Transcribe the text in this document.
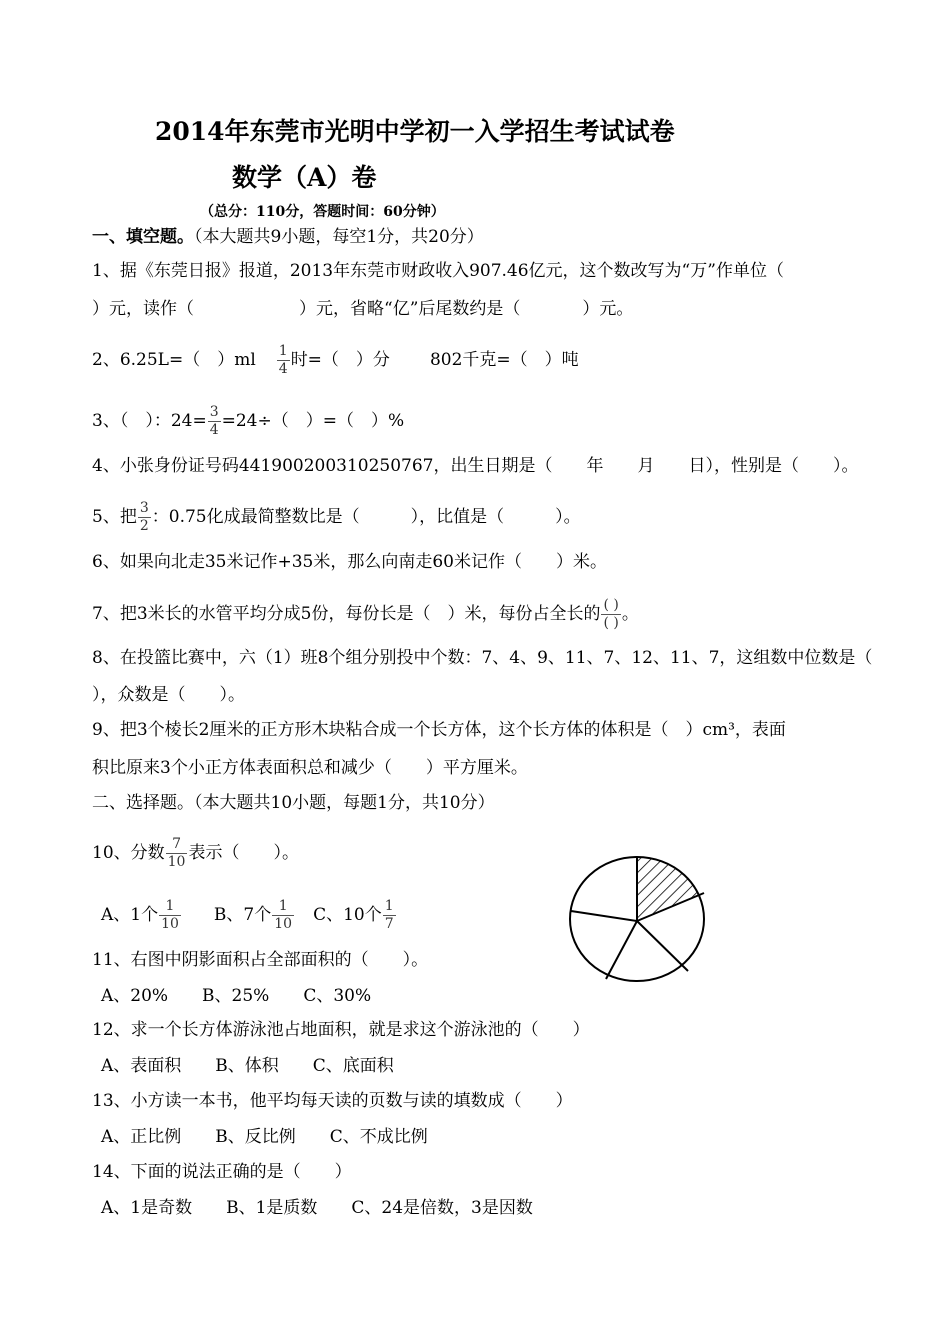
2014年东莞市光明中学初一入学招生考试试卷
数学（A）卷
（总分：110分，答题时间：60分钟）
一、填空题。（本大题共9小题，每空1分，共20分）
1、据《东莞日报》报道，2013年东莞市财政收入907.46亿元，这个数改写为“万”作单位（
）元，读作（	）元，省略“亿”后尾数约是（	）元。
2、6.25L=（　）$ml \frac{1}{4}$ 时=（　）分 802千克=（　）吨
3、（　）：$24= \frac{3}{4} =24\div$（　）=（　）%
4、小张身份证号码441900200310250767，出生日期是（　　年　　月　　日），性别是（　　）。
5、把 $\frac{3}{2}$ ：0.75化成最简整数比是（　　　），比值是（　　　）。
6、如果向北走35米记作+35米，那么向南走60米记作（　　）米。
7、把3米长的水管平均分成5份，每份长是（　）米，每份占全长的 $\frac{( )}{( )}$ 。
8、在投篮比赛中，六（1）班8个组分别投中个数：7、4、9、11、7、12、11、7，这组数中位数是（
），众数是（　　）。
9、把3个棱长2厘米的正方形木块粘合成一个长方体，这个长方体的体积是（　）cm³，表面
积比原来3个小正方体表面积总和减少（　　）平方厘米。
二、选择题。（本大题共10小题，每题1分，共10分）
10、分数 $\frac{7}{10}$ 表示（　　）。
A、1个 $\frac{1}{10}$ B、7个 $\frac{1}{10}$ C、10个 $\frac{1}{7}$
11、右图中阴影面积占全部面积的（　　）。
A、20%　　B、25%　　C、30%
12、求一个长方体游泳池占地面积，就是求这个游泳池的（　　）
A、表面积　　B、体积　　C、底面积
13、小方读一本书，他平均每天读的页数与读的填数成（　　）
A、正比例　　B、反比例　　C、不成比例
14、下面的说法正确的是（　　）
A、1是奇数　　B、1是质数　　C、24是倍数，3是因数
